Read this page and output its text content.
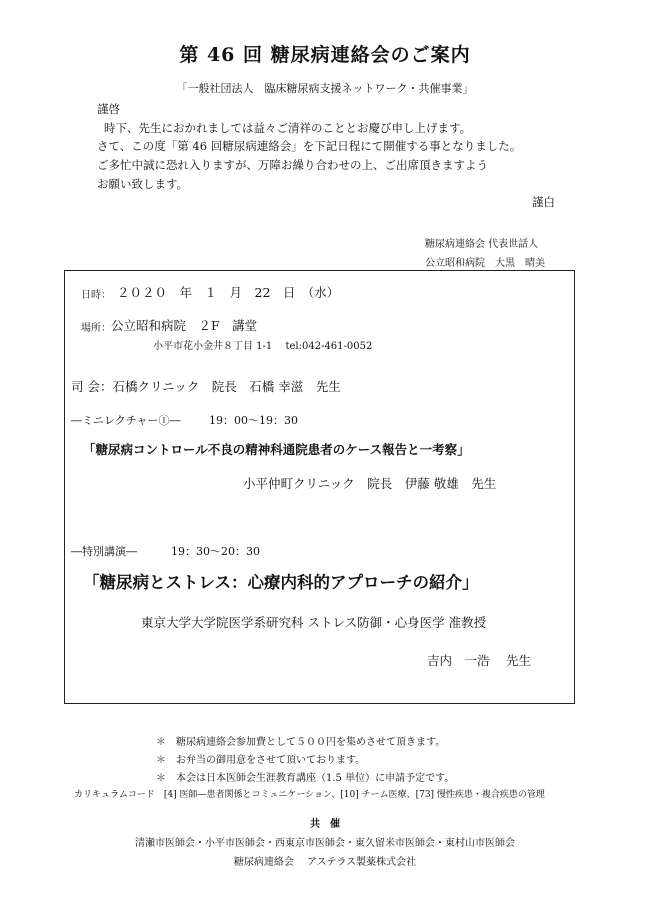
第 46 回 糖尿病連絡会のご案内
「一般社団法人　臨床糖尿病支援ネットワーク・共催事業」
謹啓
時下、先生におかれましては益々ご清祥のこととお慶び申し上げます。
さて、この度「第 46 回糖尿病連絡会」を下記日程にて開催する事となりました。
ご多忙中誠に恐れ入りますが、万障お繰り合わせの上、ご出席頂きますよう
お願い致します。
謹白
糖尿病連絡会 代表世話人
公立昭和病院　大黒　晴美
日時： ２０２０　年　１　月　22　日　（水）
場所： 公立昭和病院　２F　講堂
小平市花小金井８丁目 1-1　 tel:042-461-0052
司 会：石橋クリニック　院長　石橋 幸滋　先生
―ミニレクチャー①―	19：00～19：30
「糖尿病コントロール不良の精神科通院患者のケース報告と一考察」
小平仲町クリニック　院長　伊藤 敬雄　先生
―特別講演―	19：30～20：30
「糖尿病とストレス：心療内科的アプローチの紹介」
東京大学大学院医学系研究科 ストレス防御・心身医学 准教授
吉内　一浩　 先生
＊　糖尿病連絡会参加費として５００円を集めさせて頂きます。
＊　お弁当の御用意をさせて頂いております。
＊　本会は日本医師会生涯教育講座（1.5 単位）に申請予定です。
カリキュラムコード　[4] 医師―患者関係とコミュニケーション、[10] チーム医療、[73] 慢性疾患・複合疾患の管理
共　催
清瀬市医師会・小平市医師会・西東京市医師会・東久留米市医師会・東村山市医師会
糖尿病連絡会　 アステラス製薬株式会社
